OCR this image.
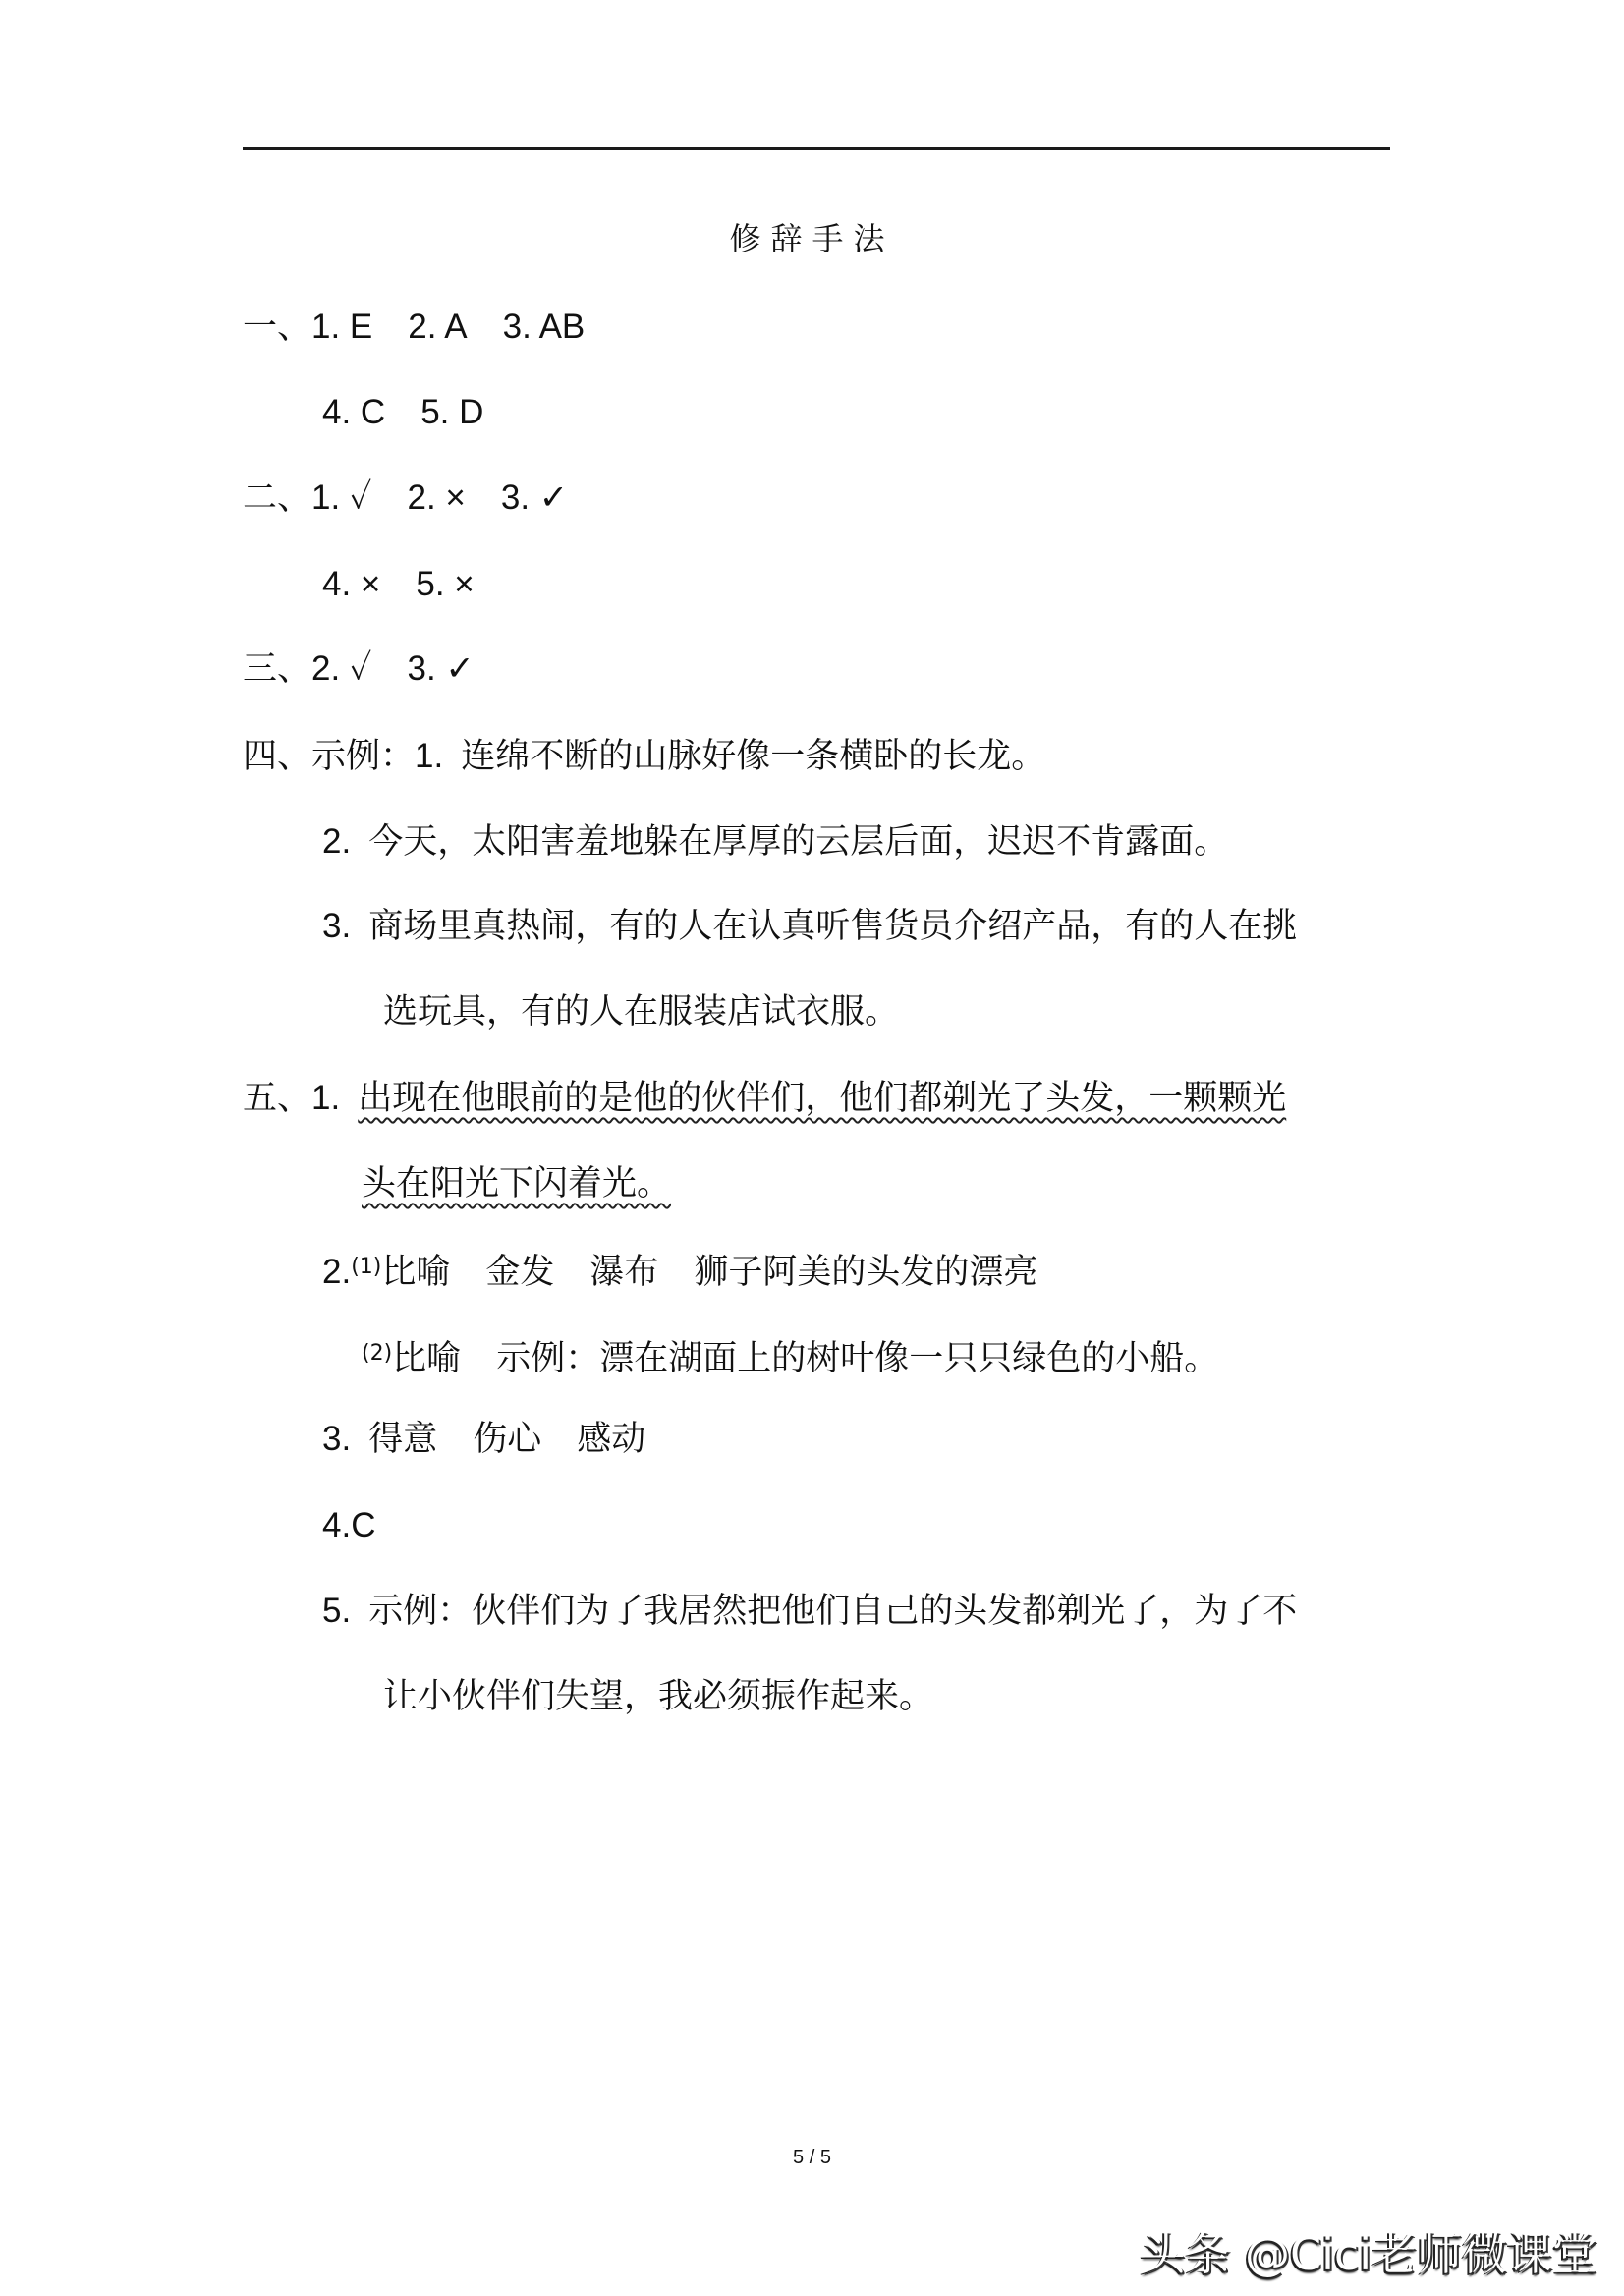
修辞手法
一、1. E 2. A 3. AB
4. C 5. D
二、1. ✓ 2. × 3. ✓
4. × 5. ×
三、2. ✓ 3. ✓
四、示例：1. 连绵不断的山脉好像一条横卧的长龙。
2. 今天，太阳害羞地躲在厚厚的云层后面，迟迟不肯露面。
3. 商场里真热闹，有的人在认真听售货员介绍产品，有的人在挑
选玩具，有的人在服装店试衣服。
五、1. 出现在他眼前的是他的伙伴们，他们都剃光了头发，一颗颗光
头在阳光下闪着光。
2.$^{(1)}$比喻 金发 瀑布 狮子阿美的头发的漂亮
$^{(2)}$比喻 示例：漂在湖面上的树叶像一只只绿色的小船。
3. 得意 伤心 感动
4.C
5. 示例：伙伴们为了我居然把他们自己的头发都剃光了，为了不
让小伙伴们失望，我必须振作起来。
5 / 5
头条 @Cici老师微课堂
